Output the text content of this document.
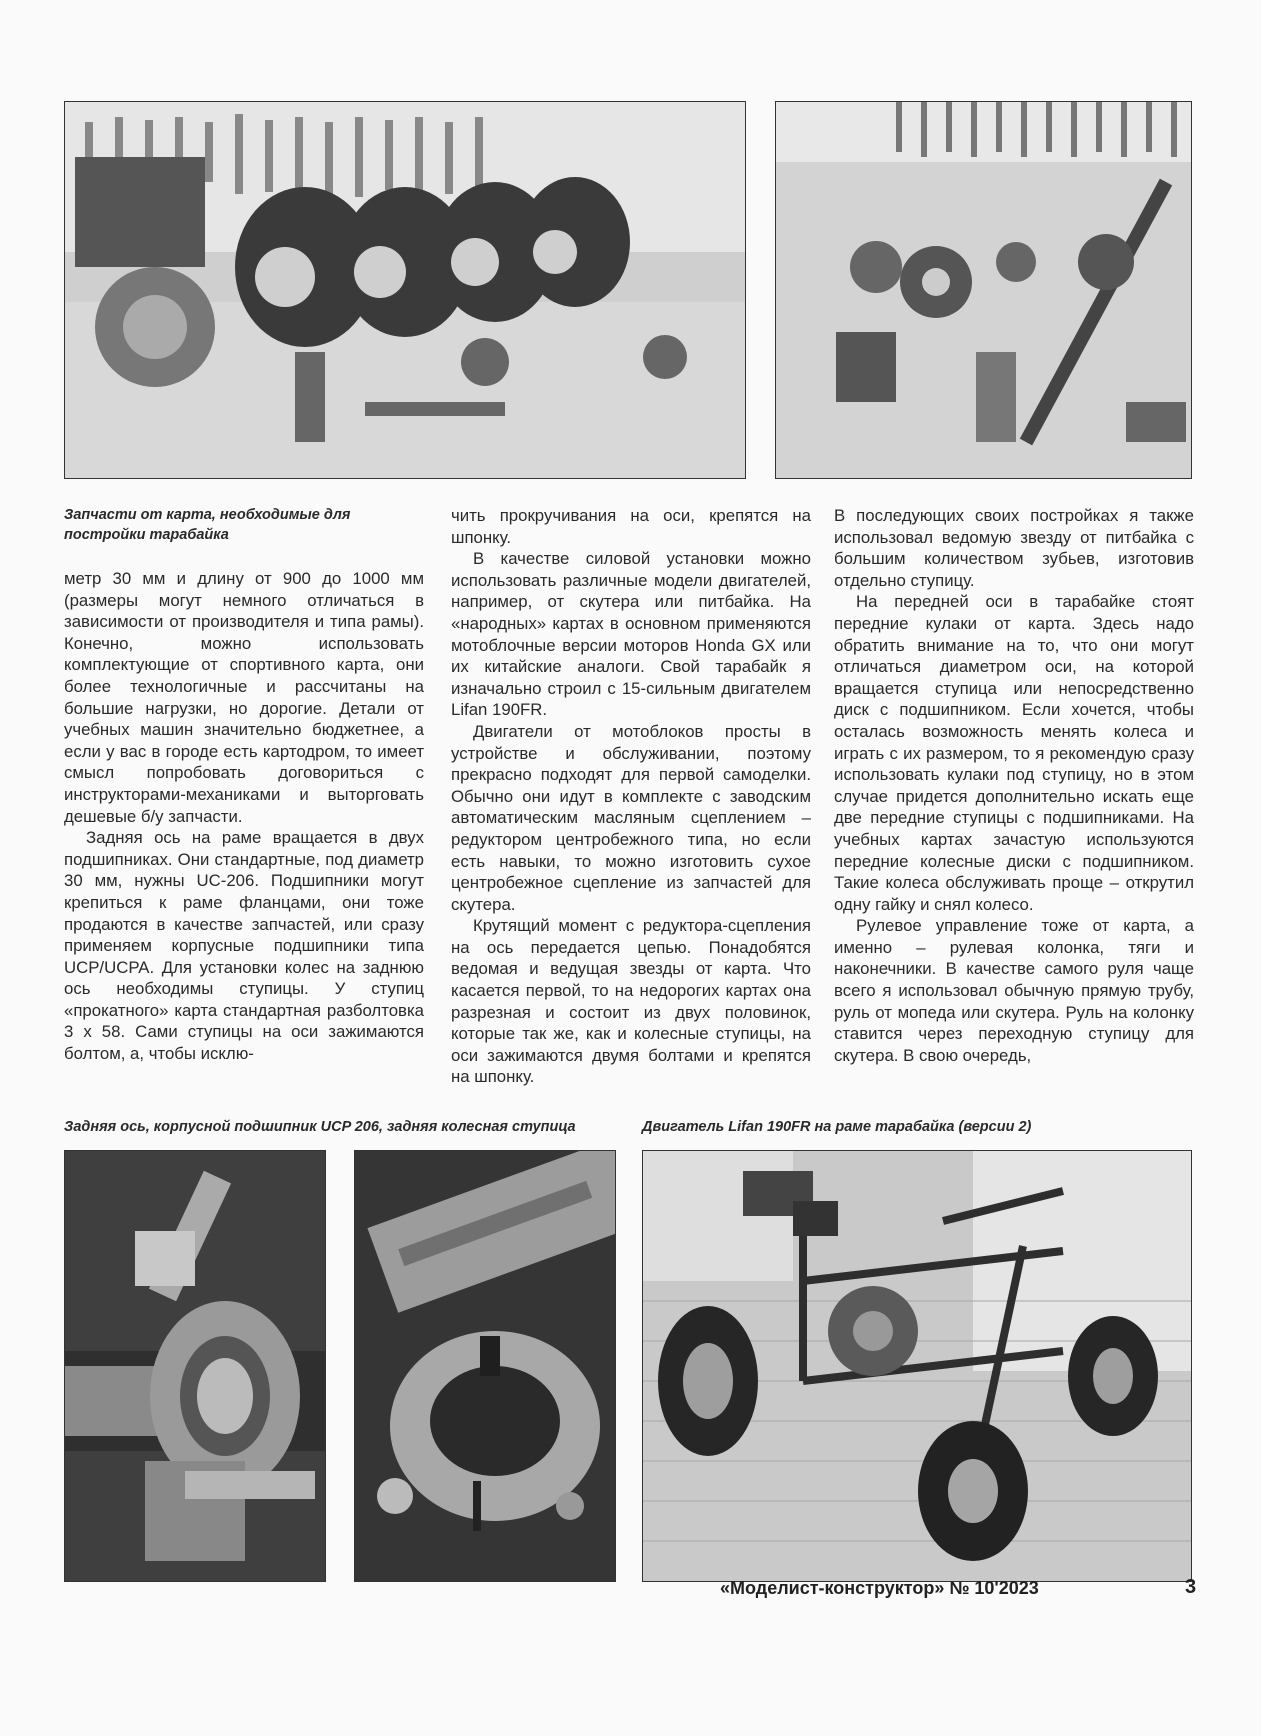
Запчасти от карта, необходимые для постройки тарабайка

метр 30 мм и длину от 900 до 1000 мм (размеры могут немного отличаться в зависимости от производителя и типа рамы). Конечно, можно использовать комплектующие от спортивного карта, они более технологичные и рассчитаны на большие нагрузки, но дорогие. Детали от учебных машин значительно бюджетнее, а если у вас в городе есть картодром, то имеет смысл попробовать договориться с инструкторами-механиками и выторговать дешевые б/у запчасти.

Задняя ось на раме вращается в двух подшипниках. Они стандартные, под диаметр 30 мм, нужны UC-206. Подшипники могут крепиться к раме фланцами, они тоже продаются в качестве запчастей, или сразу применяем корпусные подшипники типа UCP/UCPA. Для установки колес на заднюю ось необходимы ступицы. У ступиц «прокатного» карта стандартная разболтовка 3 х 58. Сами ступицы на оси зажимаются болтом, а, чтобы исклю-

чить прокручивания на оси, крепятся на шпонку.

В качестве силовой установки можно использовать различные модели двигателей, например, от скутера или питбайка. На «народных» картах в основном применяются мотоблочные версии моторов Honda GX или их китайские аналоги. Свой тарабайк я изначально строил с 15-сильным двигателем Lifan 190FR.

Двигатели от мотоблоков просты в устройстве и обслуживании, поэтому прекрасно подходят для первой самоделки. Обычно они идут в комплекте с заводским автоматическим масляным сцеплением – редуктором центробежного типа, но если есть навыки, то можно изготовить сухое центробежное сцепление из запчастей для скутера.

Крутящий момент с редуктора-сцепления на ось передается цепью. Понадобятся ведомая и ведущая звезды от карта. Что касается первой, то на недорогих картах она разрезная и состоит из двух половинок, которые так же, как и колесные ступицы, на оси зажимаются двумя болтами и крепятся на шпонку.

В последующих своих постройках я также использовал ведомую звезду от питбайка с большим количеством зубьев, изготовив отдельно ступицу.

На передней оси в тарабайке стоят передние кулаки от карта. Здесь надо обратить внимание на то, что они могут отличаться диаметром оси, на которой вращается ступица или непосредственно диск с подшипником. Если хочется, чтобы осталась возможность менять колеса и играть с их размером, то я рекомендую сразу использовать кулаки под ступицу, но в этом случае придется дополнительно искать еще две передние ступицы с подшипниками. На учебных картах зачастую используются передние колесные диски с подшипником. Такие колеса обслуживать проще – открутил одну гайку и снял колесо.

Рулевое управление тоже от карта, а именно – рулевая колонка, тяги и наконечники. В качестве самого руля чаще всего я использовал обычную прямую трубу, руль от мопеда или скутера. Руль на колонку ставится через переходную ступицу для скутера. В свою очередь,

Задняя ось, корпусной подшипник UCP 206, задняя колесная ступица	Двигатель Lifan 190FR на раме тарабайка (версии 2)
«Моделист-конструктор» № 10'2023	3
